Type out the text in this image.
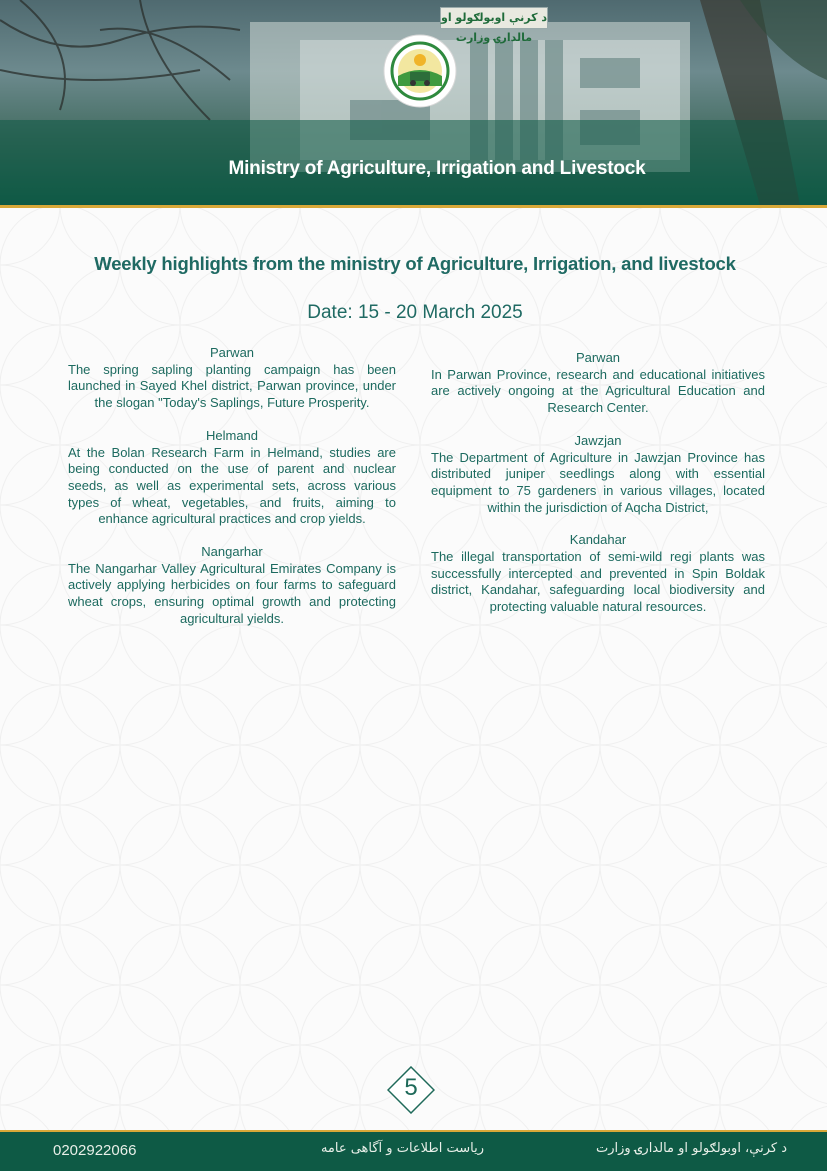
د کرنې اوبولګولو او مالدارۍ وزارت
Ministry of Agriculture, Irrigation and Livestock
Weekly highlights from the ministry of Agriculture, Irrigation, and livestock
Date: 15 - 20 March 2025
Parwan
The spring sapling planting campaign has been launched in Sayed Khel district, Parwan province, under the slogan "Today's Saplings, Future Prosperity.
Helmand
At the Bolan Research Farm in Helmand, studies are being conducted on the use of parent and nuclear seeds, as well as experimental sets, across various types of wheat, vegetables, and fruits, aiming to enhance agricultural practices and crop yields.
Nangarhar
The Nangarhar Valley Agricultural Emirates Company is actively applying herbicides on four farms to safeguard wheat crops, ensuring optimal growth and protecting agricultural yields.
Parwan
In Parwan Province, research and educational initiatives are actively ongoing at the Agricultural Education and Research Center.
Jawzjan
The Department of Agriculture in Jawzjan Province has distributed juniper seedlings along with essential equipment to 75 gardeners in various villages, located within the jurisdiction of Aqcha District,
Kandahar
The illegal transportation of semi-wild regi plants was successfully intercepted and prevented in Spin Boldak district, Kandahar, safeguarding local biodiversity and protecting valuable natural resources.
5
0202922066	ریاست اطلاعات و آگاهی عامه	د کرنې، اوبولګولو او مالدارۍ وزارت
